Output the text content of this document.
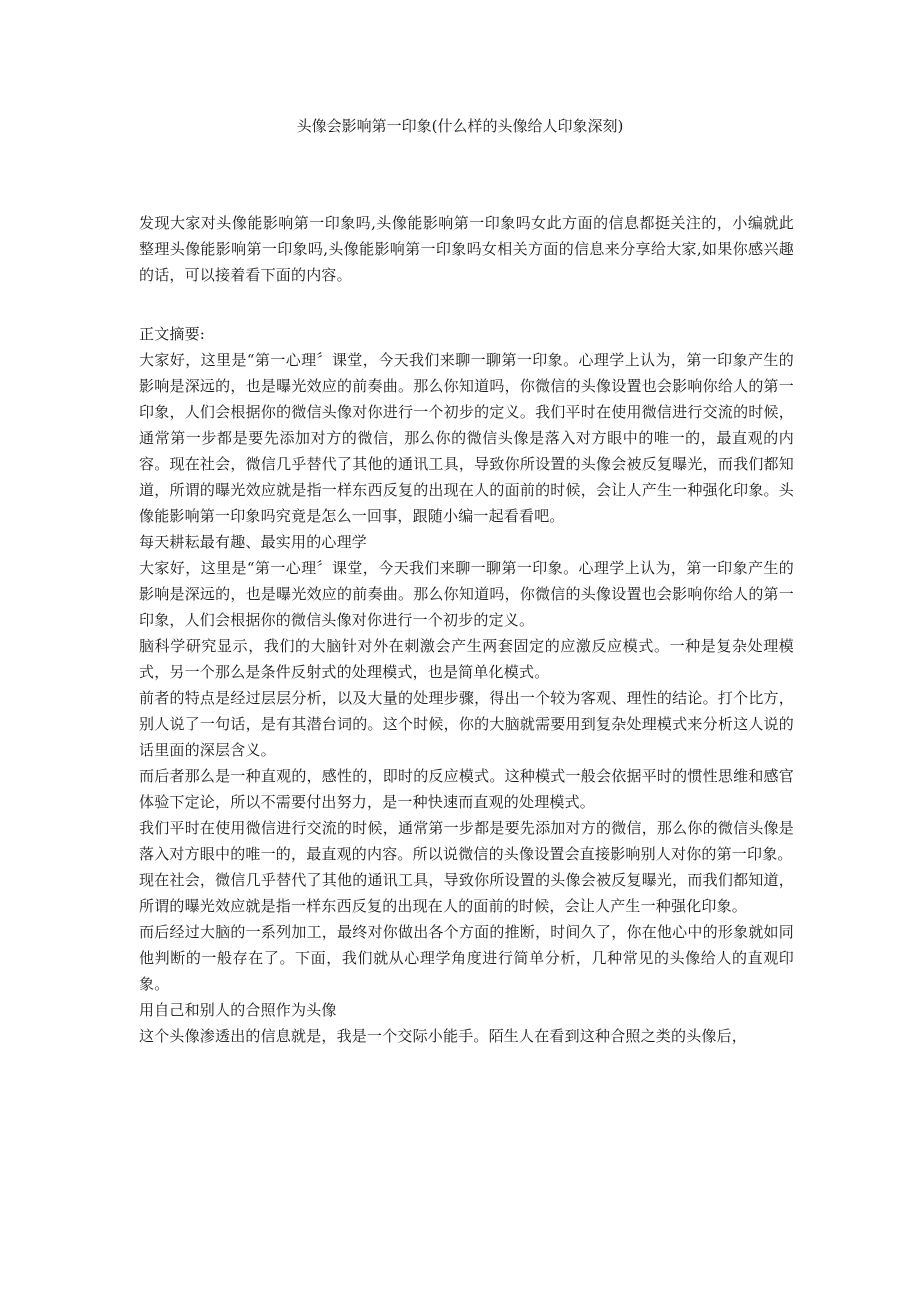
头像会影响第一印象(什么样的头像给人印象深刻)

发现大家对头像能影响第一印象吗,头像能影响第一印象吗女此方面的信息都挺关注的，小编就此整理头像能影响第一印象吗,头像能影响第一印象吗女相关方面的信息来分享给大家,如果你感兴趣的话，可以接着看下面的内容。

正文摘要:

大家好，这里是“第一心理〞课堂，今天我们来聊一聊第一印象。心理学上认为，第一印象产生的影响是深远的，也是曝光效应的前奏曲。那么你知道吗，你微信的头像设置也会影响你给人的第一印象，人们会根据你的微信头像对你进行一个初步的定义。我们平时在使用微信进行交流的时候，通常第一步都是要先添加对方的微信，那么你的微信头像是落入对方眼中的唯一的，最直观的内容。现在社会，微信几乎替代了其他的通讯工具，导致你所设置的头像会被反复曝光，而我们都知道，所谓的曝光效应就是指一样东西反复的出现在人的面前的时候，会让人产生一种强化印象。头像能影响第一印象吗究竟是怎么一回事，跟随小编一起看看吧。

每天耕耘最有趣、最实用的心理学

大家好，这里是“第一心理〞课堂，今天我们来聊一聊第一印象。心理学上认为，第一印象产生的影响是深远的，也是曝光效应的前奏曲。那么你知道吗，你微信的头像设置也会影响你给人的第一印象，人们会根据你的微信头像对你进行一个初步的定义。

脑科学研究显示，我们的大脑针对外在刺激会产生两套固定的应激反应模式。一种是复杂处理模式，另一个那么是条件反射式的处理模式，也是简单化模式。

前者的特点是经过层层分析，以及大量的处理步骤，得出一个较为客观、理性的结论。打个比方，别人说了一句话，是有其潜台词的。这个时候，你的大脑就需要用到复杂处理模式来分析这人说的话里面的深层含义。

而后者那么是一种直观的，感性的，即时的反应模式。这种模式一般会依据平时的惯性思维和感官体验下定论，所以不需要付出努力，是一种快速而直观的处理模式。

我们平时在使用微信进行交流的时候，通常第一步都是要先添加对方的微信，那么你的微信头像是落入对方眼中的唯一的，最直观的内容。所以说微信的头像设置会直接影响别人对你的第一印象。

现在社会，微信几乎替代了其他的通讯工具，导致你所设置的头像会被反复曝光，而我们都知道，所谓的曝光效应就是指一样东西反复的出现在人的面前的时候，会让人产生一种强化印象。

而后经过大脑的一系列加工，最终对你做出各个方面的推断，时间久了，你在他心中的形象就如同他判断的一般存在了。下面，我们就从心理学角度进行简单分析，几种常见的头像给人的直观印象。

用自己和别人的合照作为头像

这个头像渗透出的信息就是，我是一个交际小能手。陌生人在看到这种合照之类的头像后，
